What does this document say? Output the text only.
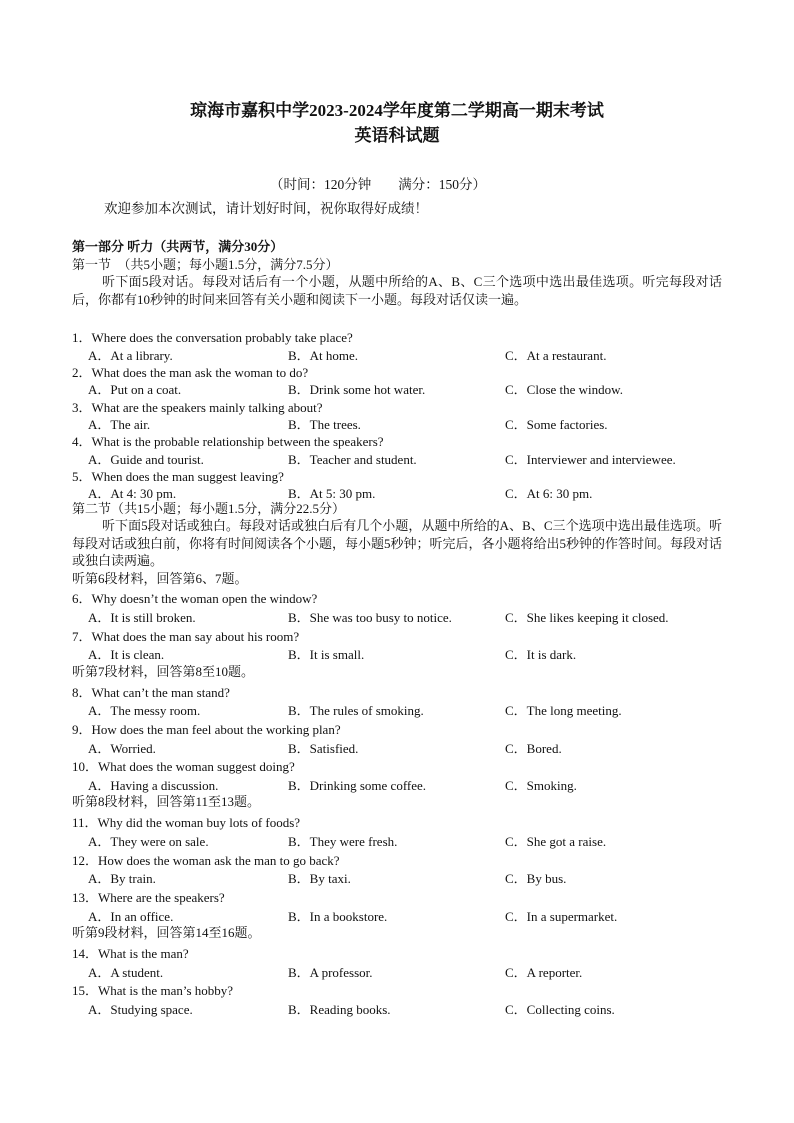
琼海市嘉积中学2023-2024学年度第二学期高一期末考试
英语科试题
（时间：120分钟　　满分：150分）
欢迎参加本次测试，请计划好时间，祝你取得好成绩！
第一部分 听力（共两节，满分30分）
第一节　（共5小题；每小题1.5分，满分7.5分）
听下面5段对话。每段对话后有一个小题，从题中所给的A、B、C三个选项中选出最佳选项。听完每段对话后，你都有10秒钟的时间来回答有关小题和阅读下一小题。每段对话仅读一遍。
1．Where does the conversation probably take place?
A．At a library.	B．At home.	C．At a restaurant.
2．What does the man ask the woman to do?
A．Put on a coat.	B．Drink some hot water.	C．Close the window.
3．What are the speakers mainly talking about?
A．The air.	B．The trees.	C．Some factories.
4．What is the probable relationship between the speakers?
A．Guide and tourist.	B．Teacher and student.	C．Interviewer and interviewee.
5．When does the man suggest leaving?
A．At 4: 30 pm.	B．At 5: 30 pm.	C．At 6: 30 pm.
第二节（共15小题；每小题1.5分，满分22.5分）
听下面5段对话或独白。每段对话或独白后有几个小题，从题中所给的A、B、C三个选项中选出最佳选项。听每段对话或独白前，你将有时间阅读各个小题，每小题5秒钟；听完后，各小题将给出5秒钟的作答时间。每段对话或独白读两遍。
听第6段材料，回答第6、7题。
6．Why doesn’t the woman open the window?
A．It is still broken.	B．She was too busy to notice.	C．She likes keeping it closed.
7．What does the man say about his room?
A．It is clean.	B．It is small.	C．It is dark.
听第7段材料，回答第8至10题。
8．What can’t the man stand?
A．The messy room.	B．The rules of smoking.	C．The long meeting.
9．How does the man feel about the working plan?
A．Worried.	B．Satisfied.	C．Bored.
10．What does the woman suggest doing?
A．Having a discussion.	B．Drinking some coffee.	C．Smoking.
听第8段材料，回答第11至13题。
11．Why did the woman buy lots of foods?
A．They were on sale.	B．They were fresh.	C．She got a raise.
12．How does the woman ask the man to go back?
A．By train.	B．By taxi.	C．By bus.
13．Where are the speakers?
A．In an office.	B．In a bookstore.	C．In a supermarket.
听第9段材料，回答第14至16题。
14．What is the man?
A．A student.	B．A professor.	C．A reporter.
15．What is the man’s hobby?
A．Studying space.	B．Reading books.	C．Collecting coins.
